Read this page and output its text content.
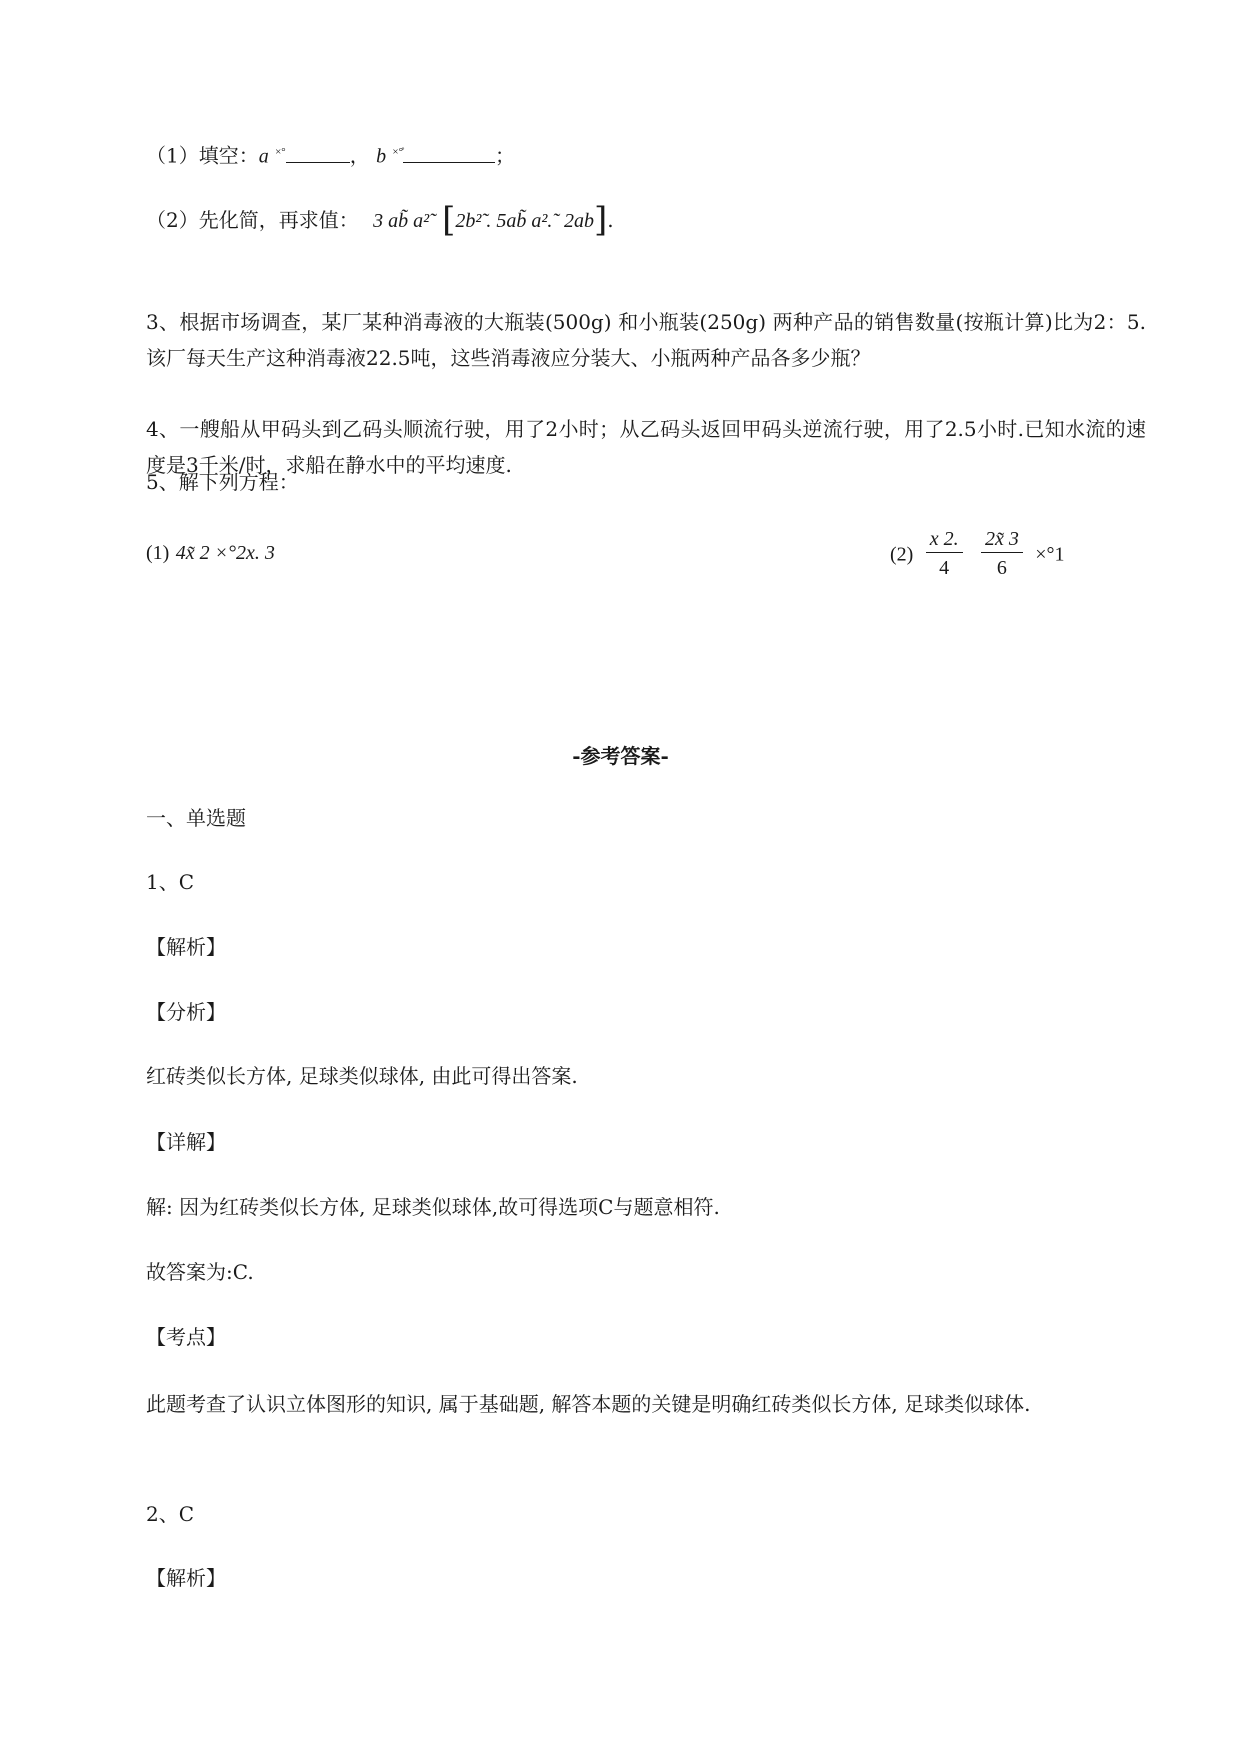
（1）填空：a ×°	， b ×°̊	；
（2）先化简，再求值： 3 ab̃ a²˜ [2b²̃ . 5ab̃ a².˜ 2ab].
3、根据市场调查，某厂某种消毒液的大瓶装(500g) 和小瓶装(250g) 两种产品的销售数量(按瓶计算)比为2：5. 该厂每天生产这种消毒液22.5吨，这些消毒液应分装大、小瓶两种产品各多少瓶？
4、一艘船从甲码头到乙码头顺流行驶，用了2小时；从乙码头返回甲码头逆流行驶，用了2.5小时.已知水流的速度是3千米/时，求船在静水中的平均速度.
5、解下列方程：
(1) 4x̃ 2 ×°2x. 3	$(2) \frac{x 2.}{4}$
$\frac{2x̃ 3}{6} \times^\circ 1$
-参考答案-
一、单选题
1、C
【解析】
【分析】
红砖类似长方体, 足球类似球体, 由此可得出答案.
【详解】
解: 因为红砖类似长方体, 足球类似球体,故可得选项C与题意相符.
故答案为:C.
【考点】
此题考查了认识立体图形的知识, 属于基础题, 解答本题的关键是明确红砖类似长方体, 足球类似球体.
2、C
【解析】
